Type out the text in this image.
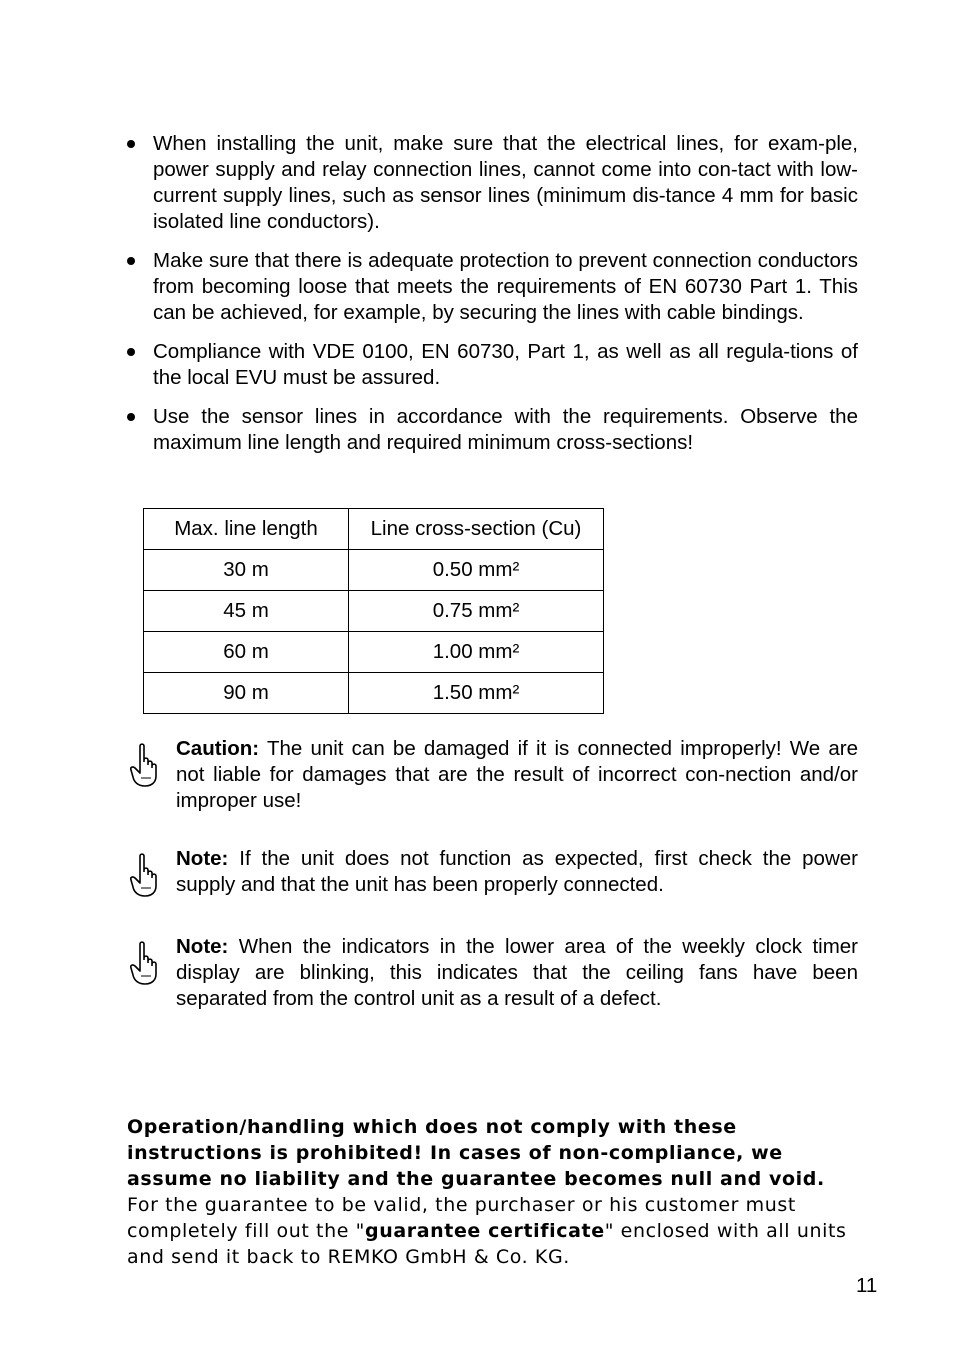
When installing the unit, make sure that the electrical lines, for exam-ple, power supply and relay connection lines, cannot come into con-tact with low-current supply lines, such as sensor lines (minimum dis-tance 4 mm for basic isolated line conductors).
Make sure that there is adequate protection to prevent connection conductors from becoming loose that meets the requirements of EN 60730 Part 1. This can be achieved, for example, by securing the lines with cable bindings.
Compliance with VDE 0100, EN 60730, Part 1, as well as all regula-tions of the local EVU must be assured.
Use the sensor lines in accordance with the requirements. Observe the maximum line length and required minimum cross-sections!
Max. line length	Line cross-section (Cu)
30 m	0.50 mm²
45 m	0.75 mm²
60 m	1.00 mm²
90 m	1.50 mm²
Caution: The unit can be damaged if it is connected improperly! We are not liable for damages that are the result of incorrect con-nection and/or improper use!
Note: If the unit does not function as expected, first check the power supply and that the unit has been properly connected.
Note: When the indicators in the lower area of the weekly clock timer display are blinking, this indicates that the ceiling fans have been separated from the control unit as a result of a defect.
Operation/handling which does not comply with these instructions is prohibited! In cases of non-compliance, we assume no liability and the guarantee becomes null and void.
For the guarantee to be valid, the purchaser or his customer must completely fill out the "guarantee certificate" enclosed with all units and send it back to REMKO GmbH & Co. KG.
11
